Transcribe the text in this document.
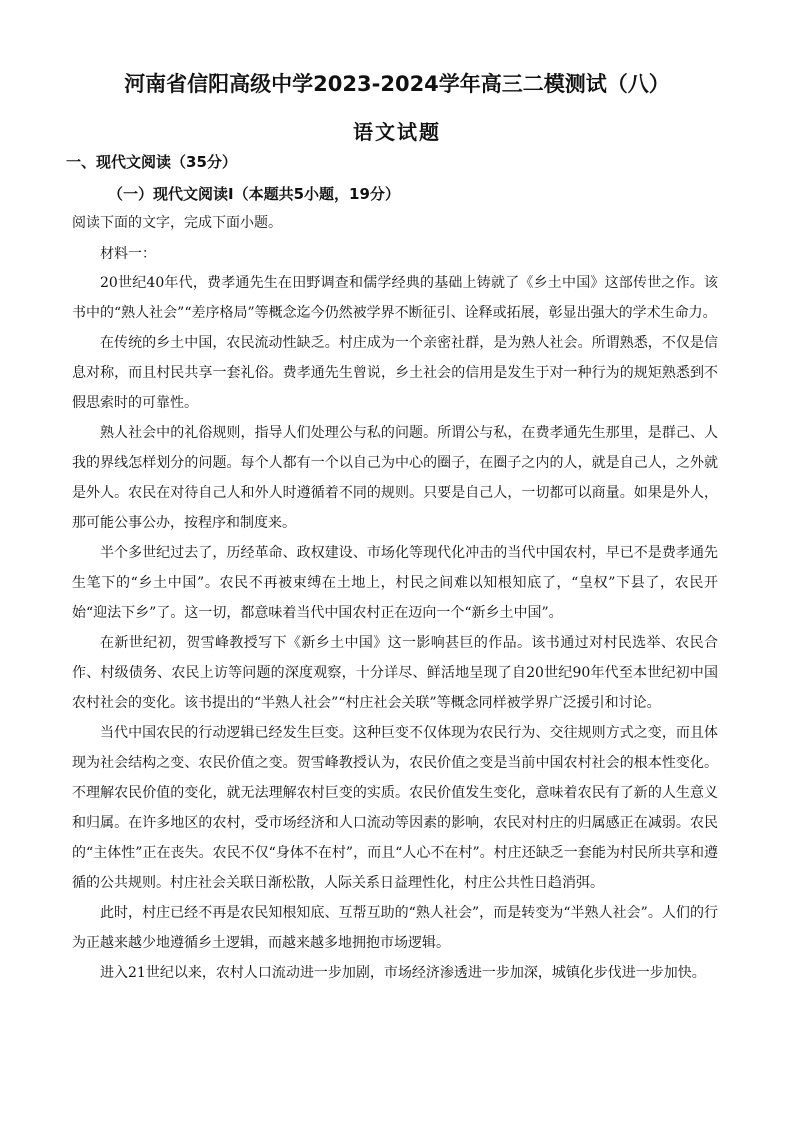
河南省信阳高级中学2023-2024学年高三二模测试（八）
语文试题
一、现代文阅读（35分）
（一）现代文阅读Ⅰ（本题共5小题，19分）
阅读下面的文字，完成下面小题。
材料一：

20世纪40年代，费孝通先生在田野调查和儒学经典的基础上铸就了《乡土中国》这部传世之作。该书中的“熟人社会”“差序格局”等概念迄今仍然被学界不断征引、诠释或拓展，彰显出强大的学术生命力。

在传统的乡土中国，农民流动性缺乏。村庄成为一个亲密社群，是为熟人社会。所谓熟悉，不仅是信息对称，而且村民共享一套礼俗。费孝通先生曾说，乡土社会的信用是发生于对一种行为的规矩熟悉到不假思索时的可靠性。

熟人社会中的礼俗规则，指导人们处理公与私的问题。所谓公与私，在费孝通先生那里，是群己、人我的界线怎样划分的问题。每个人都有一个以自己为中心的圈子，在圈子之内的人，就是自己人，之外就是外人。农民在对待自己人和外人时遵循着不同的规则。只要是自己人，一切都可以商量。如果是外人，那可能公事公办，按程序和制度来。

半个多世纪过去了，历经革命、政权建设、市场化等现代化冲击的当代中国农村，早已不是费孝通先生笔下的“乡土中国”。农民不再被束缚在土地上，村民之间难以知根知底了，“皇权”下县了，农民开始“迎法下乡”了。这一切，都意味着当代中国农村正在迈向一个“新乡土中国”。

在新世纪初，贺雪峰教授写下《新乡土中国》这一影响甚巨的作品。该书通过对村民选举、农民合作、村级债务、农民上访等问题的深度观察，十分详尽、鲜活地呈现了自20世纪90年代至本世纪初中国农村社会的变化。该书提出的“半熟人社会”“村庄社会关联”等概念同样被学界广泛援引和讨论。

当代中国农民的行动逻辑已经发生巨变。这种巨变不仅体现为农民行为、交往规则方式之变，而且体现为社会结构之变、农民价值之变。贺雪峰教授认为，农民价值之变是当前中国农村社会的根本性变化。不理解农民价值的变化，就无法理解农村巨变的实质。农民价值发生变化，意味着农民有了新的人生意义和归属。在许多地区的农村，受市场经济和人口流动等因素的影响，农民对村庄的归属感正在减弱。农民的“主体性”正在丧失。农民不仅“身体不在村”，而且“人心不在村”。村庄还缺乏一套能为村民所共享和遵循的公共规则。村庄社会关联日渐松散，人际关系日益理性化，村庄公共性日趋消弭。

此时，村庄已经不再是农民知根知底、互帮互助的“熟人社会”，而是转变为“半熟人社会”。人们的行为正越来越少地遵循乡土逻辑，而越来越多地拥抱市场逻辑。

进入21世纪以来，农村人口流动进一步加剧，市场经济渗透进一步加深，城镇化步伐进一步加快。
